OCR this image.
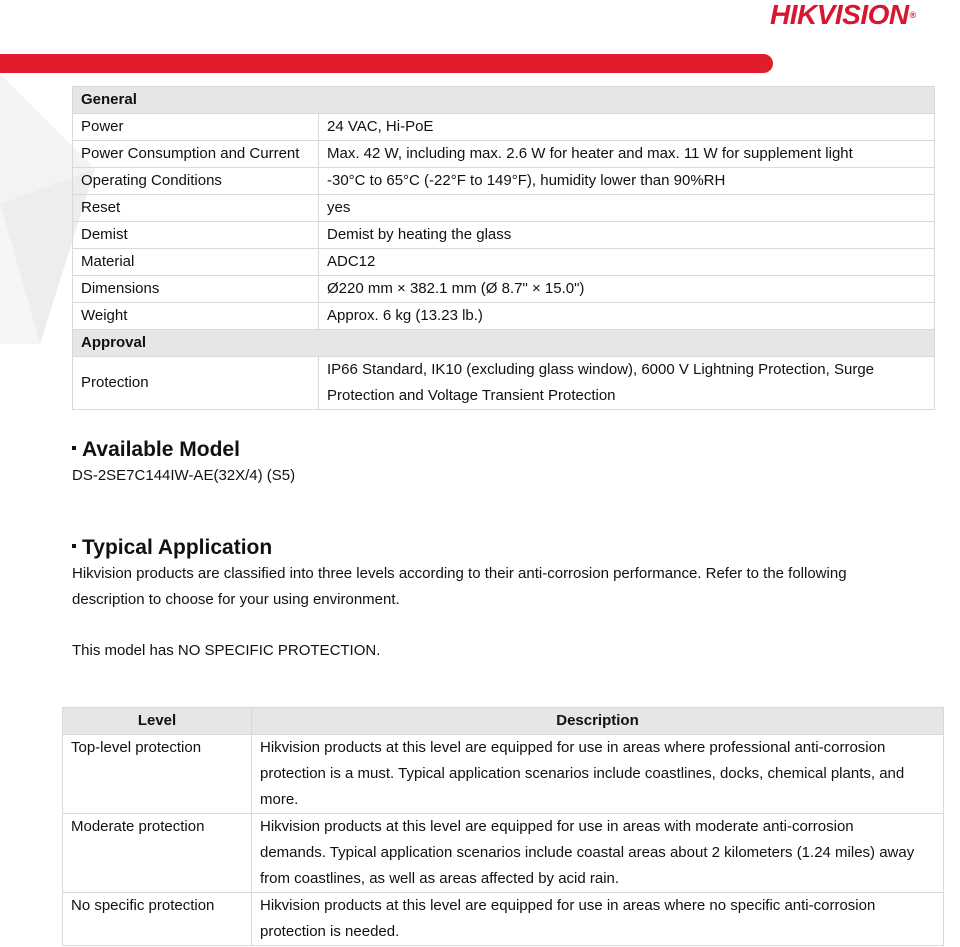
HIKVISION®
General	
Power	24 VAC, Hi-PoE
Power Consumption and Current	Max. 42 W, including max. 2.6 W for heater and max. 11 W for supplement light
Operating Conditions	-30°C to 65°C (-22°F to 149°F), humidity lower than 90%RH
Reset	yes
Demist	Demist by heating the glass
Material	ADC12
Dimensions	Ø220 mm × 382.1 mm (Ø 8.7" × 15.0")
Weight	Approx. 6 kg (13.23 lb.)
Approval	
Protection	IP66 Standard, IK10 (excluding glass window), 6000 V Lightning Protection, Surge
Protection and Voltage Transient Protection
Available Model

DS-2SE7C144IW-AE(32X/4) (S5)

Typical Application

Hikvision products are classified into three levels according to their anti-corrosion performance. Refer to the following

description to choose for your using environment.

This model has NO SPECIFIC PROTECTION.

Level	Description
Top-level protection	Hikvision products at this level are equipped for use in areas where professional anti-corrosion
protection is a must. Typical application scenarios include coastlines, docks, chemical plants, and
more.

Moderate protection	Hikvision products at this level are equipped for use in areas with moderate anti-corrosion
demands. Typical application scenarios include coastal areas about 2 kilometers (1.24 miles) away
from coastlines, as well as areas affected by acid rain.

No specific protection	Hikvision products at this level are equipped for use in areas where no specific anti-corrosion
protection is needed.
